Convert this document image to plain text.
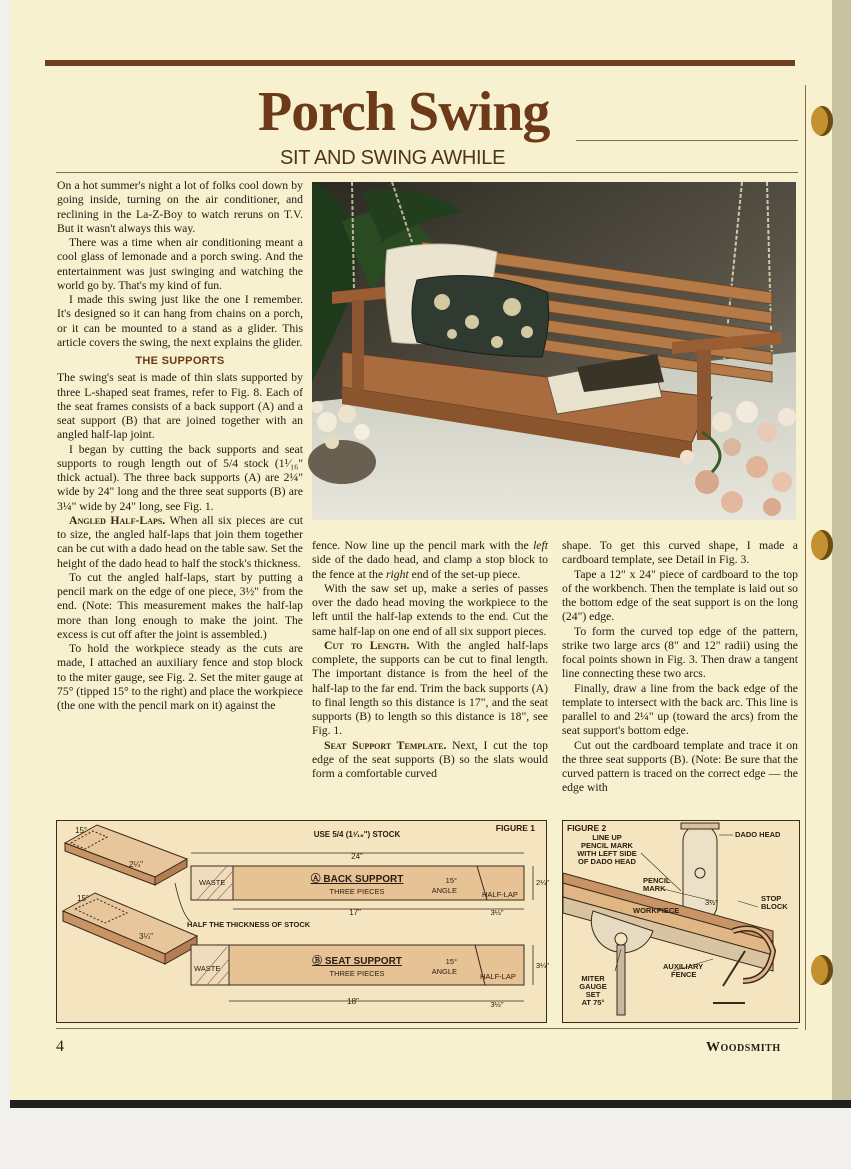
Porch Swing
SIT AND SWING AWHILE

On a hot summer's night a lot of folks cool down by going inside, turning on the air conditioner, and reclining in the La-Z-Boy to watch reruns on T.V. But it wasn't always this way.

There was a time when air conditioning meant a cool glass of lemonade and a porch swing. And the entertainment was just swinging and watching the world go by. That's my kind of fun.

I made this swing just like the one I remember. It's designed so it can hang from chains on a porch, or it can be mounted to a stand as a glider. This article covers the swing, the next explains the glider.

THE SUPPORTS

The swing's seat is made of thin slats supported by three L-shaped seat frames, refer to Fig. 8. Each of the seat frames consists of a back support (A) and a seat support (B) that are joined together with an angled half-lap joint.

I began by cutting the back supports and seat supports to rough length out of 5/4 stock (1¹⁄₁₆" thick actual). The three back supports (A) are 2¼" wide by 24" long and the three seat supports (B) are 3¼" wide by 24" long, see Fig. 1.

Angled Half-Laps. When all six pieces are cut to size, the angled half-laps that join them together can be cut with a dado head on the table saw. Set the height of the dado head to half the stock's thickness.

To cut the angled half-laps, start by putting a pencil mark on the edge of one piece, 3½" from the end. (Note: This measurement makes the half-lap more than long enough to make the joint. The excess is cut off after the joint is assembled.)

To hold the workpiece steady as the cuts are made, I attached an auxiliary fence and stop block to the miter gauge, see Fig. 2. Set the miter gauge at 75° (tipped 15° to the right) and place the workpiece (the one with the pencil mark on it) against the

fence. Now line up the pencil mark with the left side of the dado head, and clamp a stop block to the fence at the right end of the set-up piece.

With the saw set up, make a series of passes over the dado head moving the workpiece to the left until the half-lap extends to the end. Cut the same half-lap on one end of all six support pieces.

Cut to Length. With the angled half-laps complete, the supports can be cut to final length. The important distance is from the heel of the half-lap to the far end. Trim the back supports (A) to final length so this distance is 17", and the seat supports (B) to length so this distance is 18", see Fig. 1.

Seat Support Template. Next, I cut the top edge of the seat supports (B) so the slats would form a comfortable curved

shape. To get this curved shape, I made a cardboard template, see Detail in Fig. 3.

Tape a 12" x 24" piece of cardboard to the top of the workbench. Then the template is laid out so the bottom edge of the seat support is on the long (24") edge.

To form the curved top edge of the pattern, strike two large arcs (8" and 12" radii) using the focal points shown in Fig. 3. Then draw a tangent line connecting these two arcs.

Finally, draw a line from the back edge of the template to intersect with the back arc. This line is parallel to and 2¼" up (toward the arcs) from the seat support's bottom edge.

Cut out the cardboard template and trace it on the three seat supports (B). (Note: Be sure that the curved pattern is traced on the correct edge — the edge with

FIGURE 1
USE 5/4 (1¹⁄₁₆") STOCK
15°
2¼"
15°
3¼"
24"
WASTE	Ⓐ BACK SUPPORT
THREE PIECES
15°
ANGLE	HALF-LAP
2¼"
17"	3½"
HALF THE THICKNESS OF STOCK
WASTE
Ⓑ SEAT SUPPORT
THREE PIECES
15°
ANGLE
HALF-LAP
3¼"
18"	3½"
FIGURE 2
LINE UP
PENCIL MARK
WITH LEFT SIDE
OF DADO HEAD
DADO HEAD
PENCIL
MARK
3½"	STOP
BLOCK
WORKPIECE
AUXILIARY
FENCE
MITER
GAUGE
SET
AT 75°
4	Woodsmith
